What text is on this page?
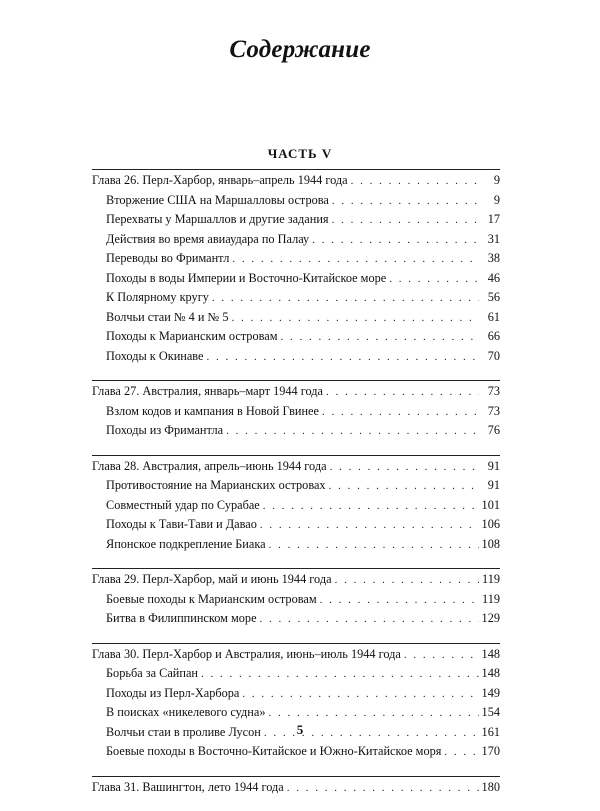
Содержание
ЧАСТЬ V
Глава 26. Перл-Харбор, январь–апрель 1944 года . . .	9
Вторжение США на Маршалловы острова . . .	9
Перехваты у Маршаллов и другие задания . . .	17
Действия во время авиаудара по Палау . . .	31
Переводы во Фримантл . . .	38
Походы в воды Империи и Восточно-Китайское море . . .	46
К Полярному кругу . . .	56
Волчьи стаи № 4 и № 5 . . .	61
Походы к Марианским островам . . .	66
Походы к Окинаве . . .	70
Глава 27. Австралия, январь–март 1944 года . . .	73
Взлом кодов и кампания в Новой Гвинее . . .	73
Походы из Фримантла . . .	76
Глава 28. Австралия, апрель–июнь 1944 года . . .	91
Противостояние на Марианских островах . . .	91
Совместный удар по Сурабае . . .	101
Походы к Тави-Тави и Давао . . .	106
Японское подкрепление Биака . . .	108
Глава 29. Перл-Харбор, май и июнь 1944 года . . .	119
Боевые походы к Марианским островам . . .	119
Битва в Филиппинском море . . .	129
Глава 30. Перл-Харбор и Австралия, июнь–июль 1944 года . . .	148
Борьба за Сайпан . . .	148
Походы из Перл-Харбора . . .	149
В поисках «никелевого судна» . . .	154
Волчьи стаи в проливе Лусон . . .	161
Боевые походы в Восточно-Китайское и Южно-Китайское моря . . .	170
Глава 31. Вашингтон, лето 1944 года . . .	180
5
